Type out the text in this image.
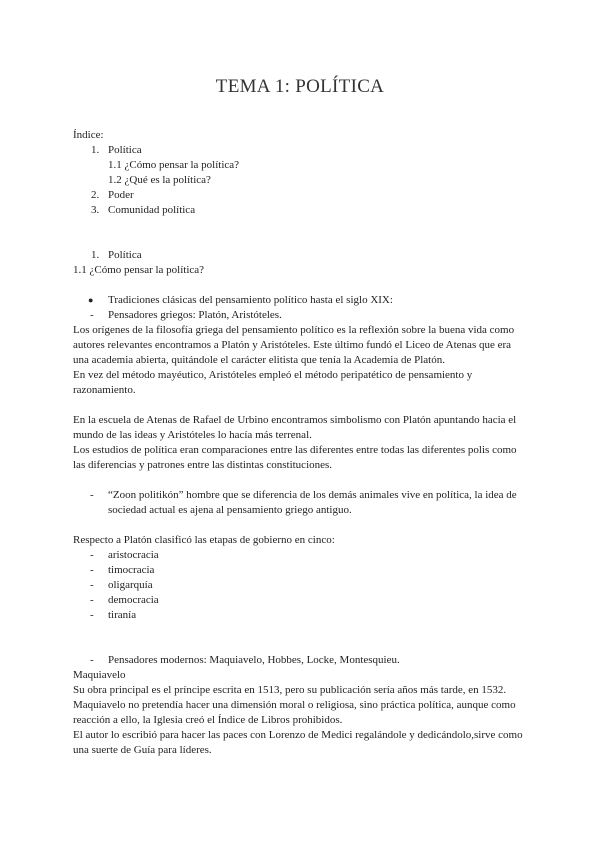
TEMA 1: POLÍTICA
Índice:
1. Política
1.1 ¿Cómo pensar la política?
1.2 ¿Qué es la política?
2. Poder
3. Comunidad política
1. Política
1.1 ¿Cómo pensar la política?
● Tradiciones clásicas del pensamiento político hasta el siglo XIX:
- Pensadores griegos: Platón, Aristóteles.
Los orígenes de la filosofía griega del pensamiento político es la reflexión sobre la buena vida como
autores relevantes encontramos a Platón y Aristóteles. Este último fundó el Liceo de Atenas que era
una academia abierta, quitándole el carácter elitista que tenía la Academia de Platón.
En vez del método mayéutico, Aristóteles empleó el método peripatético de pensamiento y
razonamiento.
En la escuela de Atenas de Rafael de Urbino encontramos simbolismo con Platón apuntando hacia el
mundo de las ideas y Aristóteles lo hacía más terrenal.
Los estudios de política eran comparaciones entre las diferentes entre todas las diferentes polis como
las diferencias y patrones entre las distintas constituciones.
-	“Zoon politikón” hombre que se diferencia de los demás animales vive en política, la idea de
sociedad actual es ajena al pensamiento griego antiguo.
Respecto a Platón clasificó las etapas de gobierno en cinco:
- aristocracia
- timocracia
- oligarquía
- democracia
- tiranía
- Pensadores modernos: Maquiavelo, Hobbes, Locke, Montesquieu.
Maquiavelo
Su obra principal es el príncipe escrita en 1513, pero su publicación sería años más tarde, en 1532.
Maquiavelo no pretendía hacer una dimensión moral o religiosa, sino práctica política, aunque como
reacción a ello, la Iglesia creó el Índice de Libros prohibidos.
El autor lo escribió para hacer las paces con Lorenzo de Medici regalándole y dedicándolo,sirve como
una suerte de Guía para líderes.
